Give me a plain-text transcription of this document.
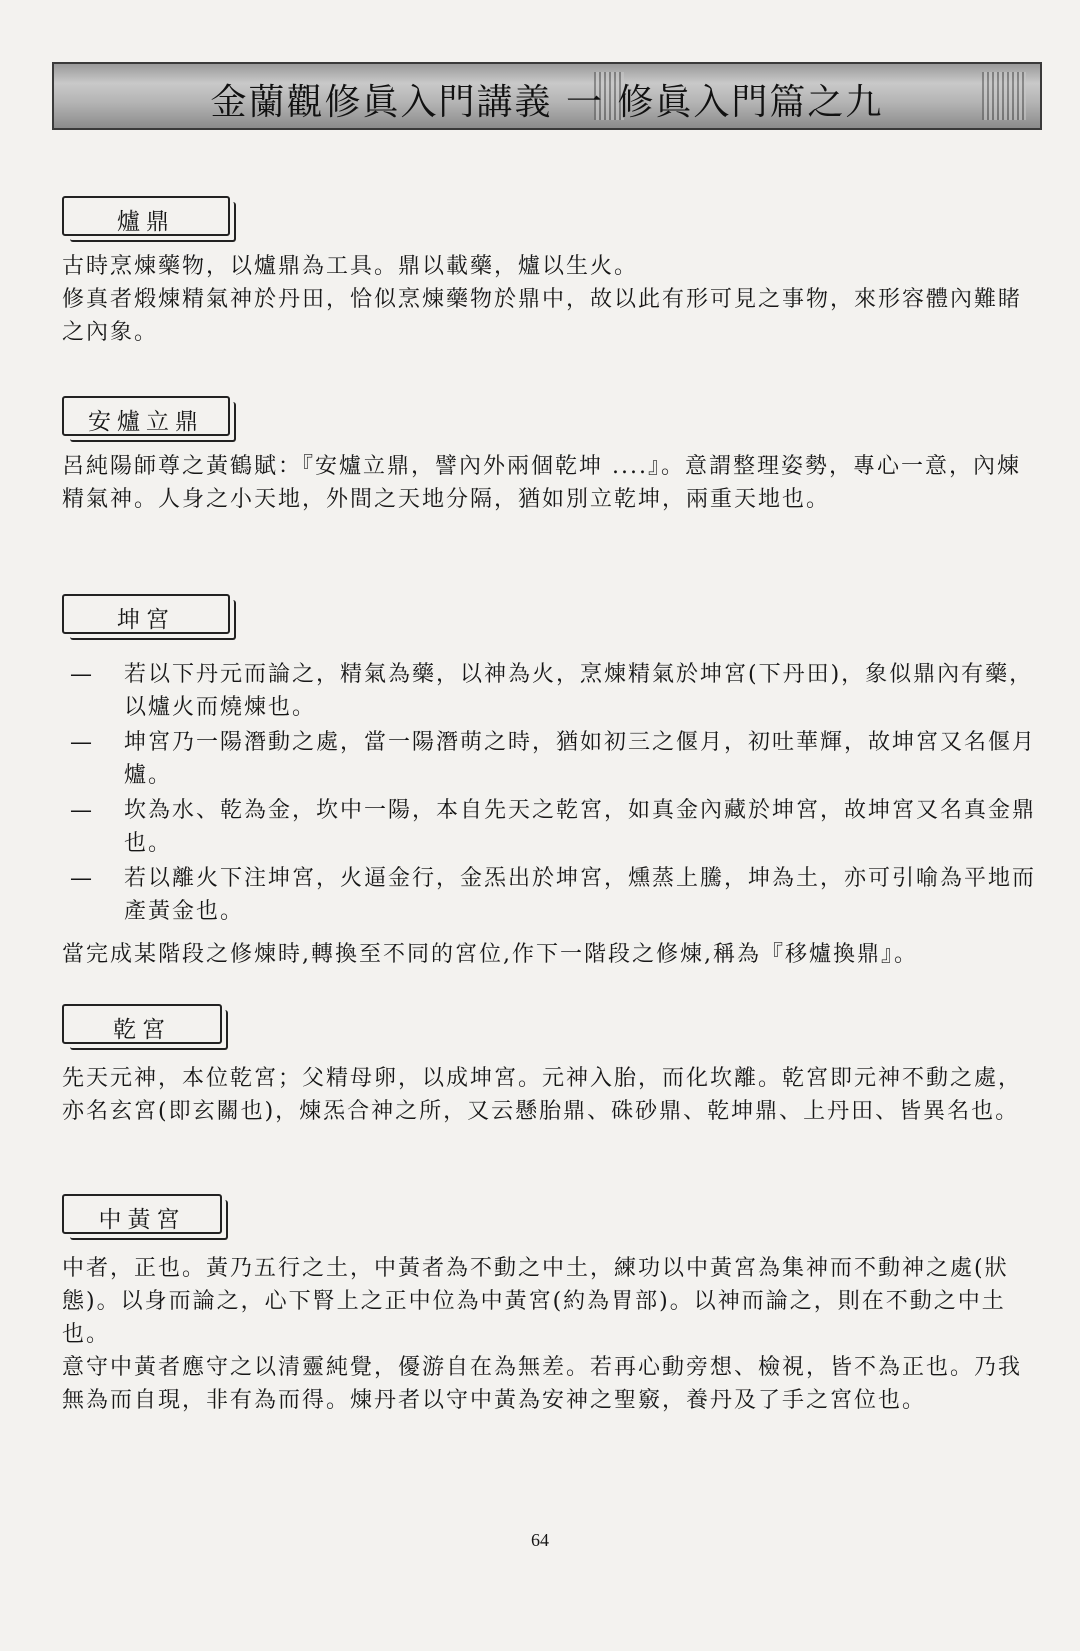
金蘭觀修眞入門講義 一 修眞入門篇之九
爐鼎

古時烹煉藥物，以爐鼎為工具。鼎以載藥，爐以生火。

修真者煅煉精氣神於丹田，恰似烹煉藥物於鼎中，故以此有形可見之事物，來形容體內難睹之內象。

安爐立鼎

呂純陽師尊之黃鶴賦：『安爐立鼎，譬內外兩個乾坤 ....』。意謂整理姿勢，專心一意，內煉精氣神。人身之小天地，外間之天地分隔，猶如別立乾坤，兩重天地也。

坤宮
—	若以下丹元而論之，精氣為藥，以神為火，烹煉精氣於坤宮(下丹田)，象似鼎內有藥，以爐火而燒煉也。
—	坤宮乃一陽潛動之處，當一陽潛萌之時，猶如初三之偃月，初吐華輝，故坤宮又名偃月爐。
—	坎為水、乾為金，坎中一陽，本自先天之乾宮，如真金內藏於坤宮，故坤宮又名真金鼎也。
—	若以離火下注坤宮，火逼金行，金炁出於坤宮，燻蒸上騰，坤為土，亦可引喻為平地而產黃金也。

當完成某階段之修煉時,轉換至不同的宮位,作下一階段之修煉,稱為『移爐換鼎』。

乾宮

先天元神，本位乾宮；父精母卵，以成坤宮。元神入胎，而化坎離。乾宮即元神不動之處，亦名玄宮(即玄關也)，煉炁合神之所，又云懸胎鼎、硃砂鼎、乾坤鼎、上丹田、皆異名也。

中黃宮

中者，正也。黃乃五行之土，中黃者為不動之中土，練功以中黃宮為集神而不動神之處(狀態)。以身而論之，心下腎上之正中位為中黃宮(約為胃部)。以神而論之，則在不動之中土也。

意守中黃者應守之以清靈純覺，優游自在為無差。若再心動旁想、檢視，皆不為正也。乃我無為而自現，非有為而得。煉丹者以守中黃為安神之聖竅，養丹及了手之宮位也。

64
